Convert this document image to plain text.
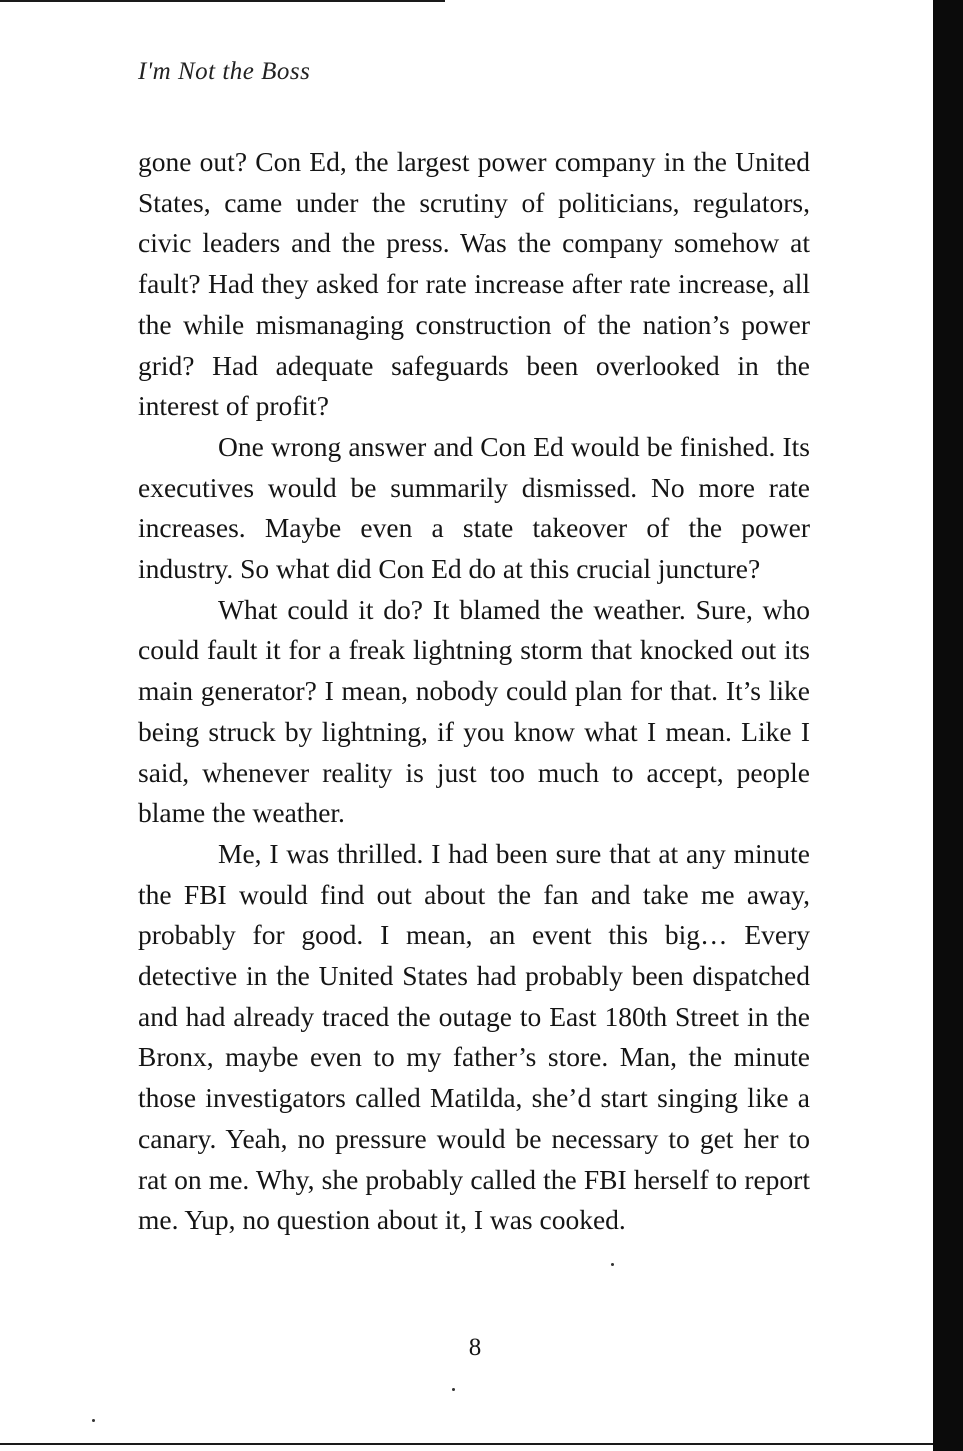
I'm Not the Boss

gone out? Con Ed, the largest power company in the United States, came under the scrutiny of politicians, regulators, civic leaders and the press. Was the company somehow at fault? Had they asked for rate increase after rate increase, all the while mismanaging construction of the nation’s power grid? Had adequate safeguards been overlooked in the interest of profit?

One wrong answer and Con Ed would be finished. Its executives would be summarily dismissed. No more rate increases. Maybe even a state takeover of the power industry. So what did Con Ed do at this crucial juncture?

What could it do? It blamed the weather. Sure, who could fault it for a freak lightning storm that knocked out its main generator? I mean, nobody could plan for that. It’s like being struck by lightning, if you know what I mean. Like I said, whenever reality is just too much to accept, people blame the weather.

Me, I was thrilled. I had been sure that at any minute the FBI would find out about the fan and take me away, probably for good. I mean, an event this big… Every detective in the United States had probably been dispatched and had already traced the outage to East 180th Street in the Bronx, maybe even to my father’s store. Man, the minute those investigators called Matilda, she’d start singing like a canary. Yeah, no pressure would be necessary to get her to rat on me. Why, she probably called the FBI herself to report me. Yup, no question about it, I was cooked.

8
